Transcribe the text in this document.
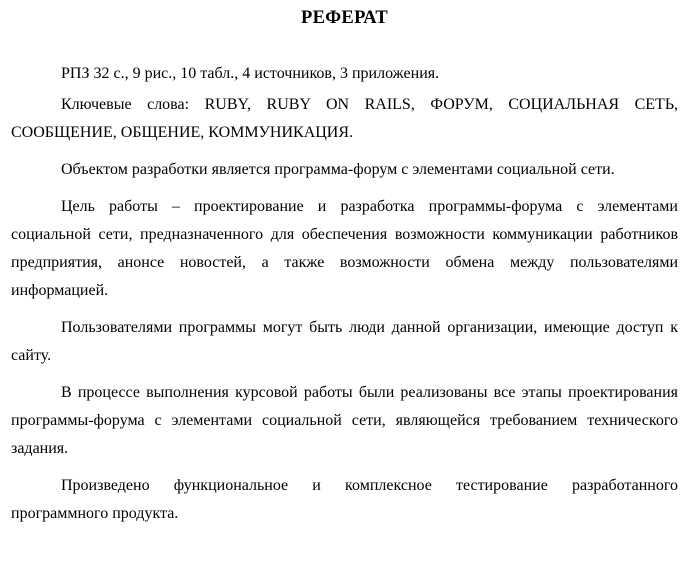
РЕФЕРАТ

РПЗ 32 с., 9 рис., 10 табл., 4 источников, 3 приложения.

Ключевые слова: RUBY, RUBY ON RAILS, ФОРУМ, СОЦИАЛЬНАЯ СЕТЬ, СООБЩЕНИЕ, ОБЩЕНИЕ, КОММУНИКАЦИЯ.

Объектом разработки является программа-форум с элементами социальной сети.

Цель работы – проектирование и разработка программы-форума с элементами социальной сети, предназначенного для обеспечения возможности коммуникации работников предприятия, анонсе новостей, а также возможности обмена между пользователями информацией.

Пользователями программы могут быть люди данной организации, имеющие доступ к сайту.

В процессе выполнения курсовой работы были реализованы все этапы проектирования программы-форума с элементами социальной сети, являющейся требованием технического задания.

Произведено функциональное и комплексное тестирование разработанного программного продукта.
